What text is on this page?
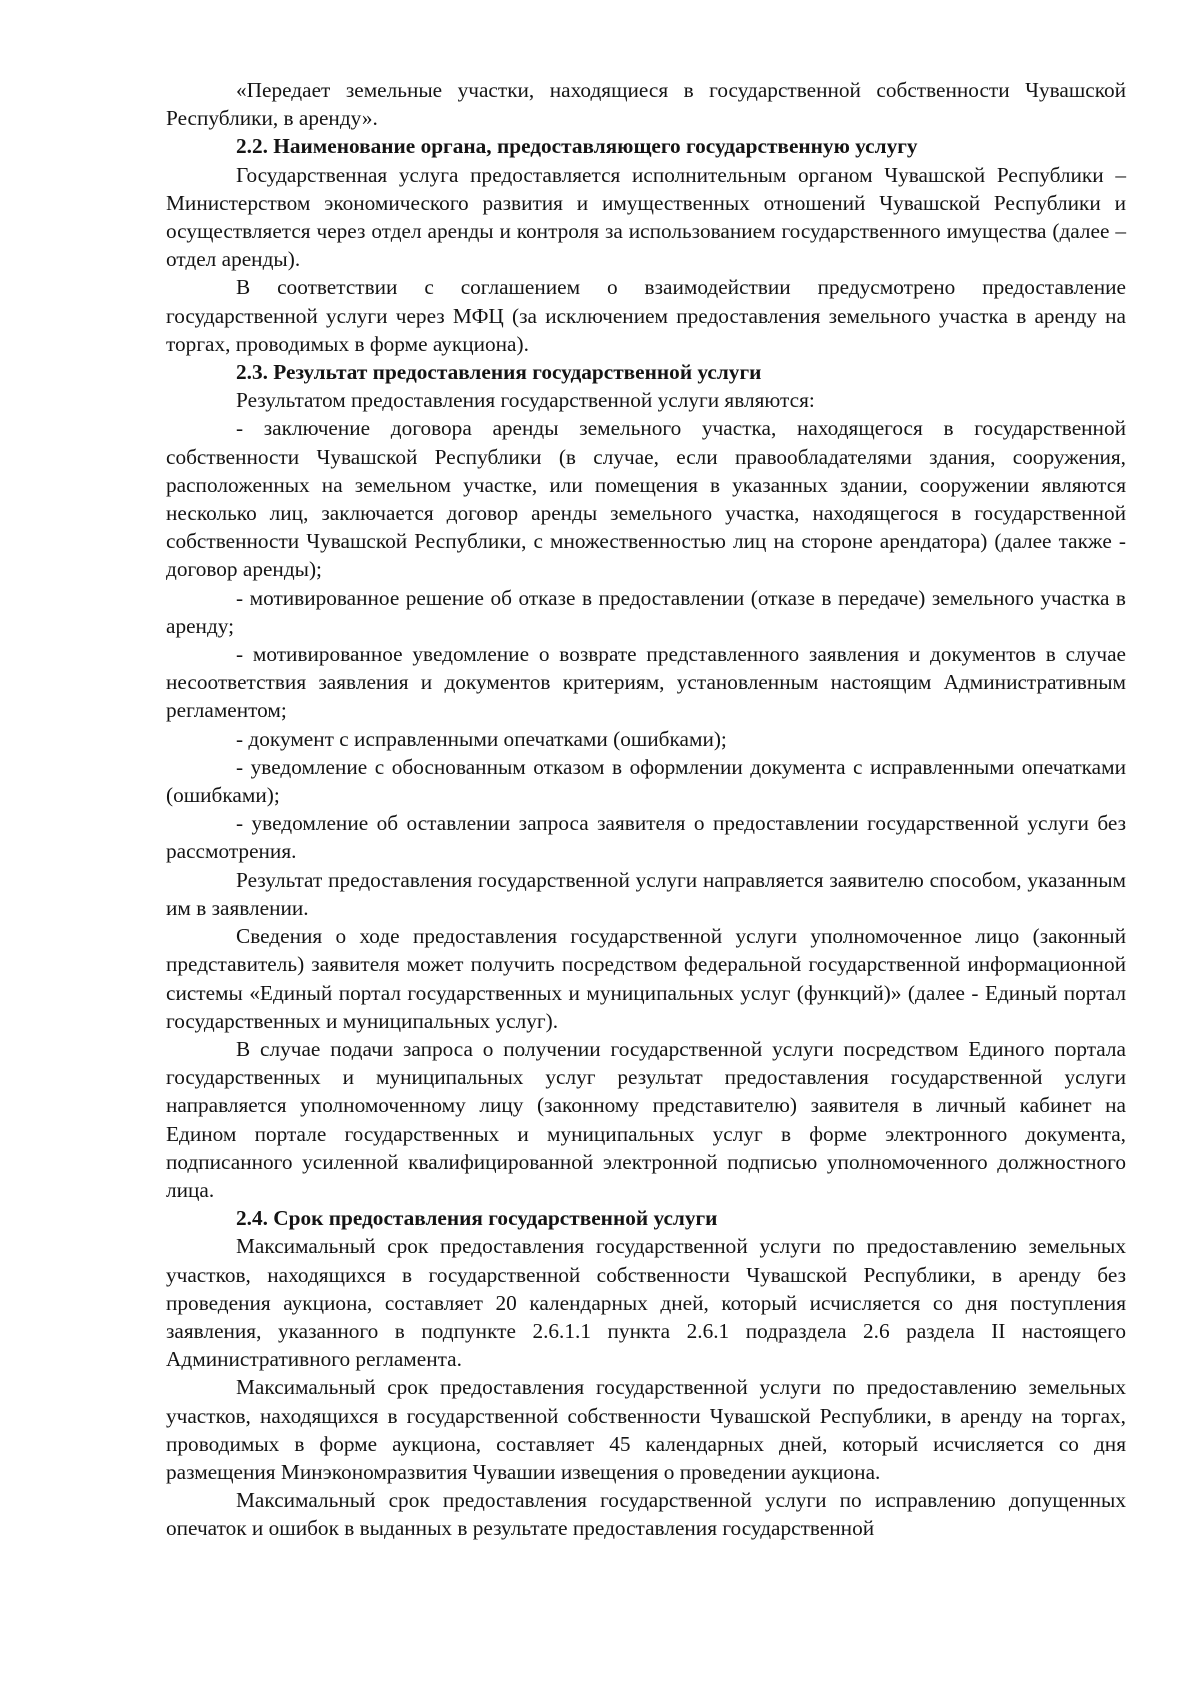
«Передает земельные участки, находящиеся в государственной собственности Чувашской Республики, в аренду».

2.2. Наименование органа, предоставляющего государственную услугу

Государственная услуга предоставляется исполнительным органом Чувашской Республики – Министерством экономического развития и имущественных отношений Чувашской Республики и осуществляется через отдел аренды и контроля за использованием государственного имущества (далее – отдел аренды).

В соответствии с соглашением о взаимодействии предусмотрено предоставление государственной услуги через МФЦ (за исключением предоставления земельного участка в аренду на торгах, проводимых в форме аукциона).

2.3. Результат предоставления государственной услуги

Результатом предоставления государственной услуги являются:

- заключение договора аренды земельного участка, находящегося в государственной собственности Чувашской Республики (в случае, если правообладателями здания, сооружения, расположенных на земельном участке, или помещения в указанных здании, сооружении являются несколько лиц, заключается договор аренды земельного участка, находящегося в государственной собственности Чувашской Республики, с множественностью лиц на стороне арендатора) (далее также - договор аренды);

- мотивированное решение об отказе в предоставлении (отказе в передаче) земельного участка в аренду;

- мотивированное уведомление о возврате представленного заявления и документов в случае несоответствия заявления и документов критериям, установленным настоящим Административным регламентом;

- документ с исправленными опечатками (ошибками);

- уведомление с обоснованным отказом в оформлении документа с исправленными опечатками (ошибками);

- уведомление об оставлении запроса заявителя о предоставлении государственной услуги без рассмотрения.

Результат предоставления государственной услуги направляется заявителю способом, указанным им в заявлении.

Сведения о ходе предоставления государственной услуги уполномоченное лицо (законный представитель) заявителя может получить посредством федеральной государственной информационной системы «Единый портал государственных и муниципальных услуг (функций)» (далее - Единый портал государственных и муниципальных услуг).

В случае подачи запроса о получении государственной услуги посредством Единого портала государственных и муниципальных услуг результат предоставления государственной услуги направляется уполномоченному лицу (законному представителю) заявителя в личный кабинет на Едином портале государственных и муниципальных услуг в форме электронного документа, подписанного усиленной квалифицированной электронной подписью уполномоченного должностного лица.

2.4. Срок предоставления государственной услуги

Максимальный срок предоставления государственной услуги по предоставлению земельных участков, находящихся в государственной собственности Чувашской Республики, в аренду без проведения аукциона, составляет 20 календарных дней, который исчисляется со дня поступления заявления, указанного в подпункте 2.6.1.1 пункта 2.6.1 подраздела 2.6 раздела II настоящего Административного регламента.

Максимальный срок предоставления государственной услуги по предоставлению земельных участков, находящихся в государственной собственности Чувашской Республики, в аренду на торгах, проводимых в форме аукциона, составляет 45 календарных дней, который исчисляется со дня размещения Минэкономразвития Чувашии извещения о проведении аукциона.

Максимальный срок предоставления государственной услуги по исправлению допущенных опечаток и ошибок в выданных в результате предоставления государственной
